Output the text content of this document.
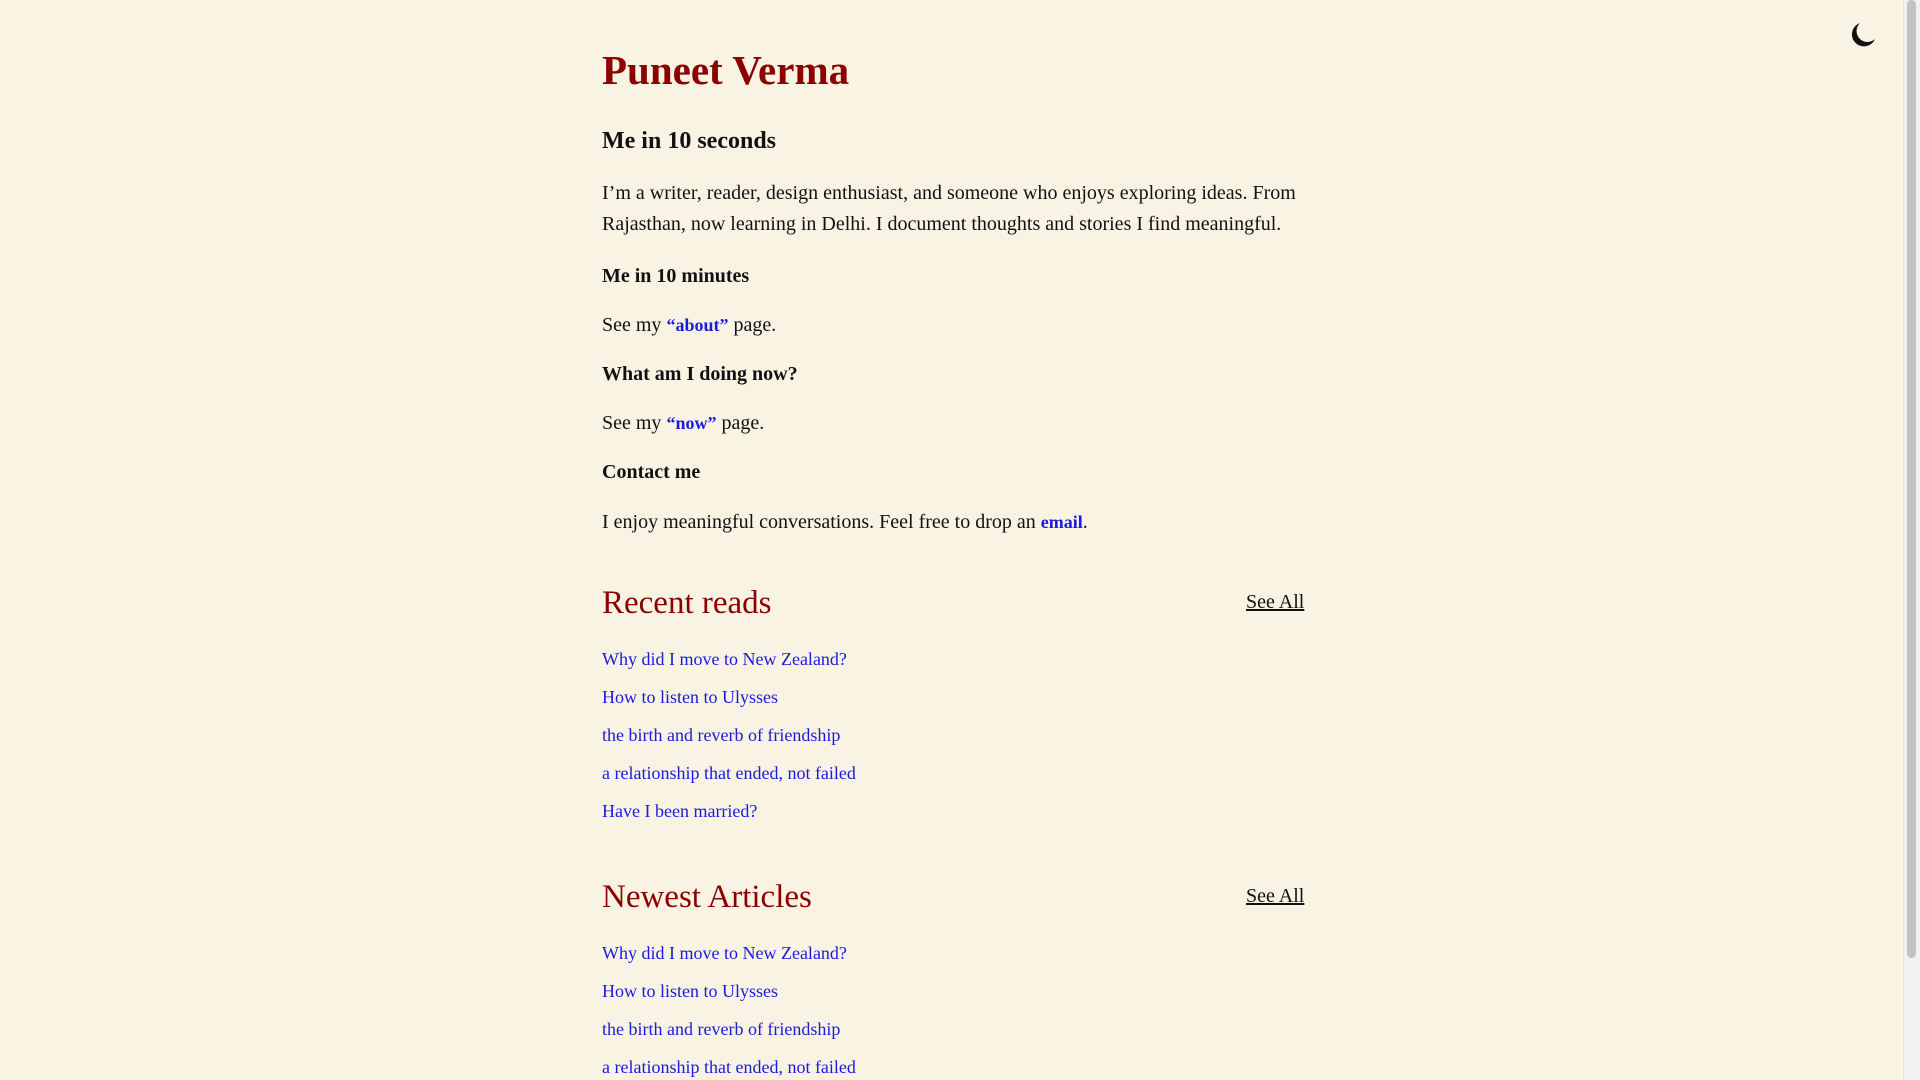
Puneet Verma
Me in 10 seconds

I’m a writer, reader, design enthusiast, and someone who enjoys exploring ideas. From Rajasthan, now learning in Delhi. I document thoughts and stories I find meaningful.

Me in 10 minutes

See my “about” page.

What am I doing now?

See my “now” page.

Contact me

I enjoy meaningful conversations. Feel free to drop an email.

Recent reads	See All
Why did I move to New Zealand?
How to listen to Ulysses
the birth and reverb of friendship
a relationship that ended, not failed
Have I been married?
Newest Articles	See All
Why did I move to New Zealand?
How to listen to Ulysses
the birth and reverb of friendship
a relationship that ended, not failed
